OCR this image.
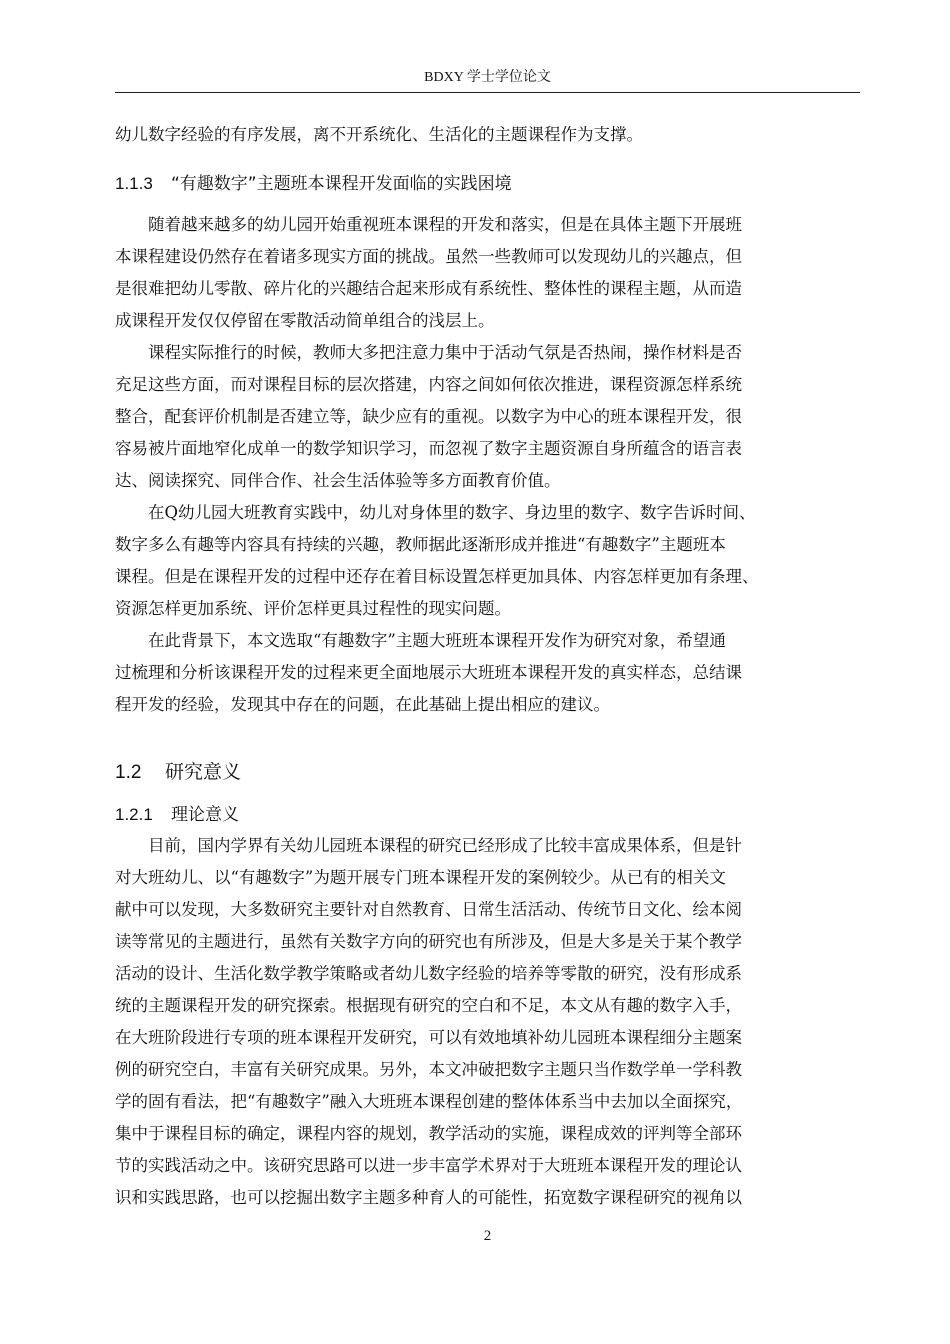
BDXY 学士学位论文
幼儿数字经验的有序发展，离不开系统化、生活化的主题课程作为支撑。
1.1.3 “有趣数字”主题班本课程开发面临的实践困境
随着越来越多的幼儿园开始重视班本课程的开发和落实，但是在具体主题下开展班
本课程建设仍然存在着诸多现实方面的挑战。虽然一些教师可以发现幼儿的兴趣点，但
是很难把幼儿零散、碎片化的兴趣结合起来形成有系统性、整体性的课程主题，从而造
成课程开发仅仅停留在零散活动简单组合的浅层上。
课程实际推行的时候，教师大多把注意力集中于活动气氛是否热闹，操作材料是否
充足这些方面，而对课程目标的层次搭建，内容之间如何依次推进，课程资源怎样系统
整合，配套评价机制是否建立等，缺少应有的重视。以数字为中心的班本课程开发，很
容易被片面地窄化成单一的数学知识学习，而忽视了数字主题资源自身所蕴含的语言表
达、阅读探究、同伴合作、社会生活体验等多方面教育价值。
在Q幼儿园大班教育实践中，幼儿对身体里的数字、身边里的数字、数字告诉时间、
数字多么有趣等内容具有持续的兴趣，教师据此逐渐形成并推进“有趣数字”主题班本
课程。但是在课程开发的过程中还存在着目标设置怎样更加具体、内容怎样更加有条理、
资源怎样更加系统、评价怎样更具过程性的现实问题。
在此背景下，本文选取“有趣数字”主题大班班本课程开发作为研究对象，希望通
过梳理和分析该课程开发的过程来更全面地展示大班班本课程开发的真实样态，总结课
程开发的经验，发现其中存在的问题，在此基础上提出相应的建议。
1.2 研究意义
1.2.1 理论意义
目前，国内学界有关幼儿园班本课程的研究已经形成了比较丰富成果体系，但是针
对大班幼儿、以“有趣数字”为题开展专门班本课程开发的案例较少。从已有的相关文
献中可以发现，大多数研究主要针对自然教育、日常生活活动、传统节日文化、绘本阅
读等常见的主题进行，虽然有关数字方向的研究也有所涉及，但是大多是关于某个教学
活动的设计、生活化数学教学策略或者幼儿数字经验的培养等零散的研究，没有形成系
统的主题课程开发的研究探索。根据现有研究的空白和不足，本文从有趣的数字入手，
在大班阶段进行专项的班本课程开发研究，可以有效地填补幼儿园班本课程细分主题案
例的研究空白，丰富有关研究成果。另外，本文冲破把数字主题只当作数学单一学科教
学的固有看法，把“有趣数字”融入大班班本课程创建的整体体系当中去加以全面探究，
集中于课程目标的确定，课程内容的规划，教学活动的实施，课程成效的评判等全部环
节的实践活动之中。该研究思路可以进一步丰富学术界对于大班班本课程开发的理论认
识和实践思路，也可以挖掘出数字主题多种育人的可能性，拓宽数字课程研究的视角以
2
